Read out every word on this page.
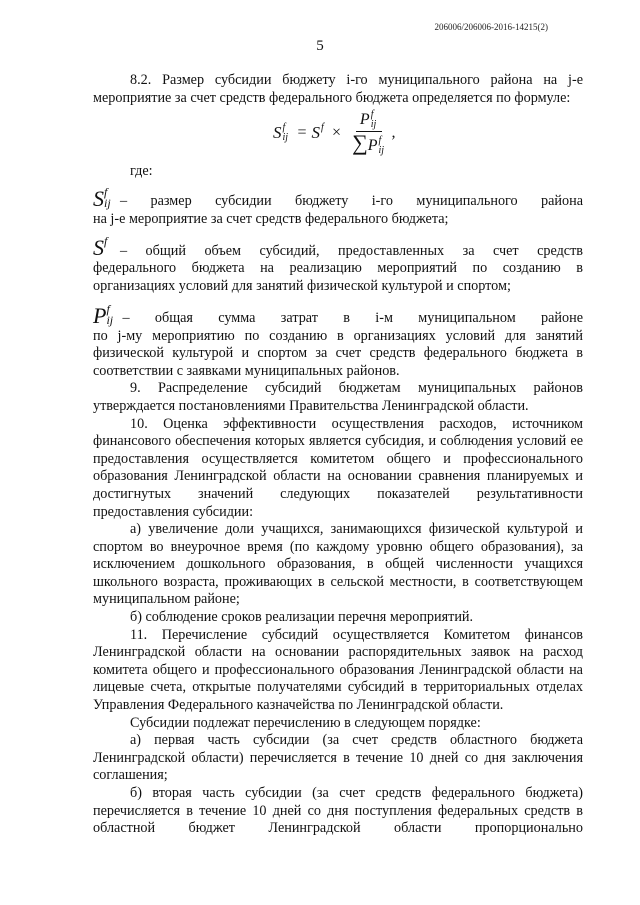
206006/206006-2016-14215(2)
5

8.2. Размер субсидии бюджету i-го муниципального района на j-е мероприятие за счет средств федерального бюджета определяется по формуле:

S f
ij = S f × P f
ij

∑P f
ij
,

где:

S f
ij – размер субсидии бюджету i-го муниципального района

на j-е мероприятие за счет средств федерального бюджета;

S f
– общий объем субсидий, предоставленных за счет средств

федерального бюджета на реализацию мероприятий по созданию в организациях условий для занятий физической культурой и спортом;

P f
ij – общая сумма затрат в i-м муниципальном районе

по j-му мероприятию по созданию в организациях условий для занятий физической культурой и спортом за счет средств федерального бюджета в соответствии с заявками муниципальных районов.

9. Распределение субсидий бюджетам муниципальных районов утверждается постановлениями Правительства Ленинградской области.

10. Оценка эффективности осуществления расходов, источником финансового обеспечения которых является субсидия, и соблюдения условий ее предоставления осуществляется комитетом общего и профессионального образования Ленинградской области на основании сравнения планируемых и достигнутых значений следующих показателей результативности предоставления субсидии:

а) увеличение доли учащихся, занимающихся физической культурой и спортом во внеурочное время (по каждому уровню общего образования), за исключением дошкольного образования, в общей численности учащихся школьного возраста, проживающих в сельской местности, в соответствующем муниципальном районе;

б) соблюдение сроков реализации перечня мероприятий.

11. Перечисление субсидий осуществляется Комитетом финансов Ленинградской области на основании распорядительных заявок на расход комитета общего и профессионального образования Ленинградской области на лицевые счета, открытые получателями субсидий в территориальных отделах Управления Федерального казначейства по Ленинградской области.

Субсидии подлежат перечислению в следующем порядке:

а) первая часть субсидии (за счет средств областного бюджета Ленинградской области) перечисляется в течение 10 дней со дня заключения соглашения;

б) вторая часть субсидии (за счет средств федерального бюджета) перечисляется в течение 10 дней со дня поступления федеральных средств в областной бюджет Ленинградской области пропорционально
